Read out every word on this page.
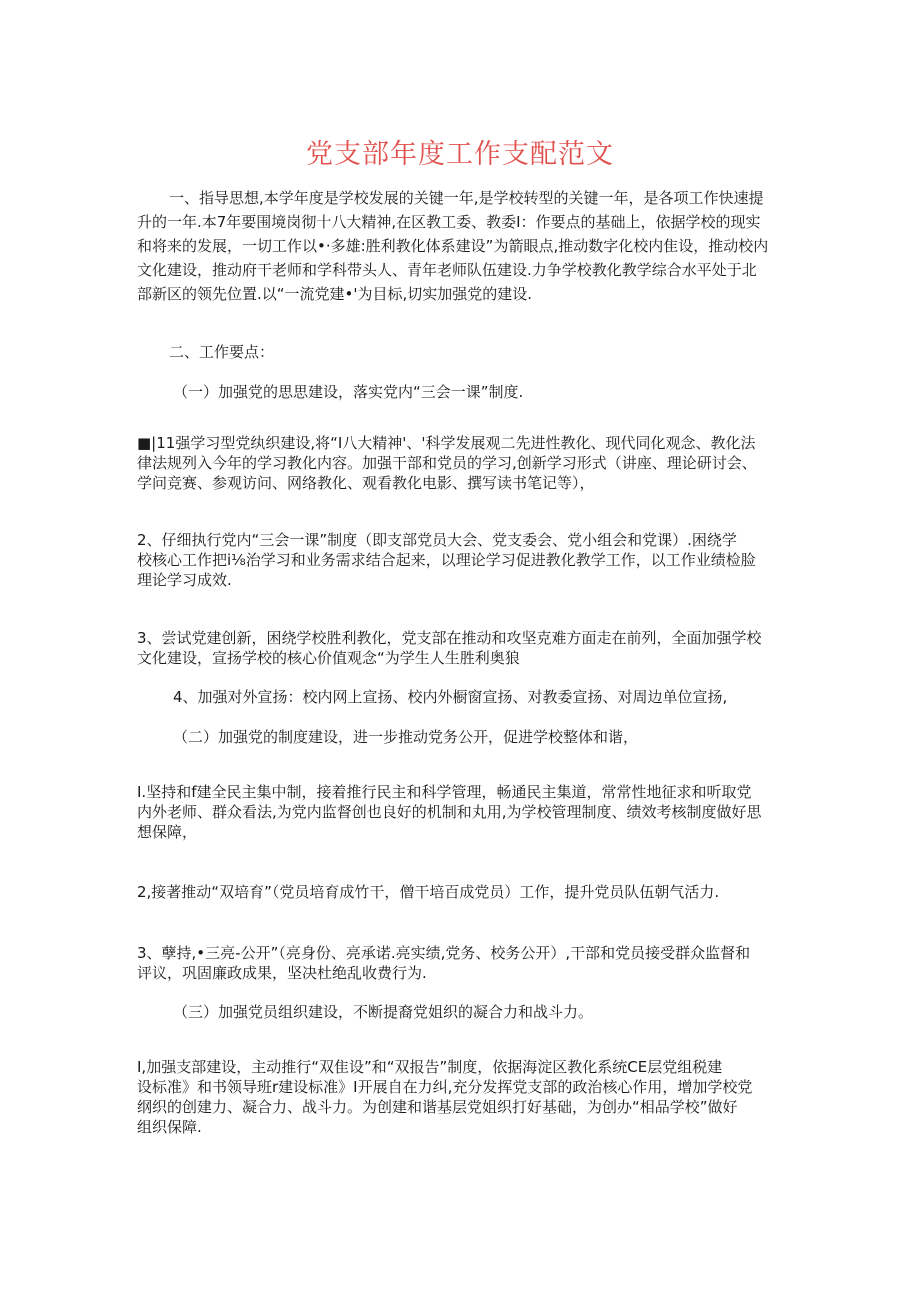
党支部年度工作支配范文
一、指导思想,本学年度是学校发展的关键一年,是学校转型的关键一年，是各项工作快速提
升的一年.本7年要围境岗彻十八大精神,在区教工委、教委I：作要点的基础上，依据学校的现实
和将来的发展，一切工作以•·多雄:胜利教化体系建设”为箭眼点,推动数字化校内隹设，推动校内
文化建设，推动府干老师和学科带头人、青年老师队伍建设.力争学校教化教学综合水平处于北
部新区的领先位置.以“一流党建•'为目标,切实加强党的建设.
二、工作要点：
（一）加强党的思思建设，落实党内“三会一课”制度.
■|11强学习型党纨织建设,将“I八大精神'、'科学发展观二先进性教化、现代同化观念、教化法
律法规列入今年的学习教化内容。加强干部和党员的学习,创新学习形式（讲座、理论研讨会、
学问竞赛、参观访问、网络教化、观看教化电影、撰写读书笔记等），
2、仔细执行党内“三会一课”制度（即支部党员大会、党支委会、党小组会和党课）.困绕学
校核心工作把i⅛治学习和业务需求结合起来，以理论学习促进教化教学工作，以工作业绩检脸
理论学习成效.
3、尝试党建创新，困绕学校胜利教化，党支部在推动和攻坚克难方面走在前列，全面加强学校
文化建设，宣扬学校的核心价值观念“为学生人生胜利奥狼
4、加强对外宣扬：校内网上宣扬、校内外橱窗宣扬、对教委宣扬、对周边单位宣扬,
（二）加强党的制度建设，进一步推动党务公开，促进学校整体和谐，
I.坚持和f建全民主集中制，接着推行民主和科学管理，畅通民主集道，常常性地征求和听取党
内外老师、群众看法,为党内监督创也良好的机制和丸用,为学校管理制度、绩效考核制度做好思
想保障，
2,接著推动“双培育”（党员培育成竹干，僧干培百成党员）工作，提升党员队伍朝气活力.
3、孽持,•三亮-公开”（亮身份、亮承诺.亮实绩,党务、校务公开）,干部和党员接受群众监督和
评议，巩固廉政成果，坚决杜绝乱收费行为.
（三）加强党员组织建设，不断提裔党姐织的凝合力和战斗力。
I,加强支部建设，主动推行“双隹设”和“双报告”制度，依据海淀区教化系统CE层党组税建
设标准》和书领导班r建设标准》I开展自在力纠,充分发挥党支部的政治核心作用，增加学校党
纲织的创建力、凝合力、战斗力。为创建和谐基层党姐织打好基础，为创办“相品学校”做好
组织保障.
